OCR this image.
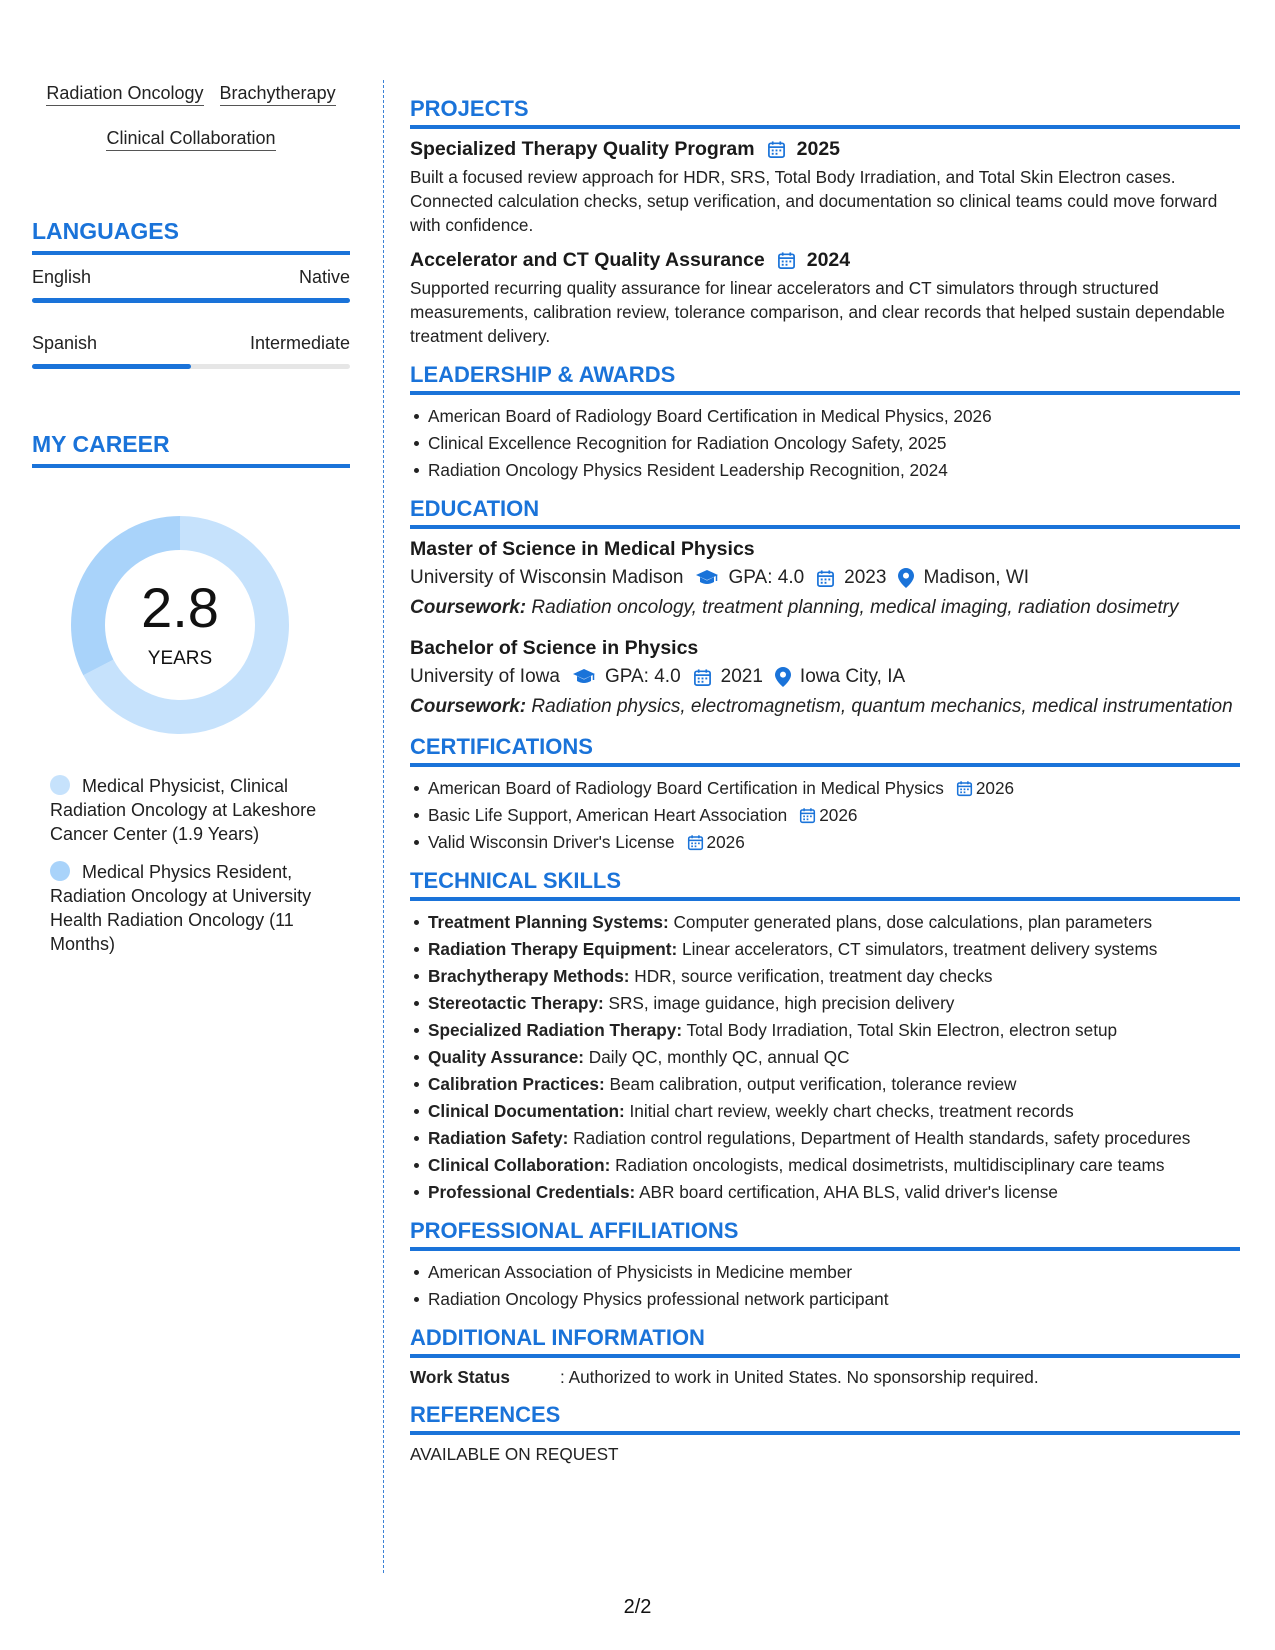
Radiation Oncology Brachytherapy
Clinical Collaboration
LANGUAGES
English	Native
Spanish	Intermediate
MY CAREER
2.8
YEARS
Medical Physicist, Clinical Radiation Oncology at Lakeshore Cancer Center (1.9 Years)
Medical Physics Resident, Radiation Oncology at University Health Radiation Oncology (11 Months)
PROJECTS
Specialized Therapy Quality Program 2025

Built a focused review approach for HDR, SRS, Total Body Irradiation, and Total Skin Electron cases. Connected calculation checks, setup verification, and documentation so clinical teams could move forward with confidence.

Accelerator and CT Quality Assurance 2024

Supported recurring quality assurance for linear accelerators and CT simulators through structured measurements, calibration review, tolerance comparison, and clear records that helped sustain dependable treatment delivery.

LEADERSHIP & AWARDS
American Board of Radiology Board Certification in Medical Physics, 2026
Clinical Excellence Recognition for Radiation Oncology Safety, 2025
Radiation Oncology Physics Resident Leadership Recognition, 2024
EDUCATION

Master of Science in Medical Physics

University of Wisconsin Madison GPA: 4.0 2023 Madison, WI

Coursework: Radiation oncology, treatment planning, medical imaging, radiation dosimetry

Bachelor of Science in Physics

University of Iowa GPA: 4.0 2021 Iowa City, IA

Coursework: Radiation physics, electromagnetism, quantum mechanics, medical instrumentation

CERTIFICATIONS
American Board of Radiology Board Certification in Medical Physics 2026
Basic Life Support, American Heart Association 2026
Valid Wisconsin Driver's License 2026
TECHNICAL SKILLS
Treatment Planning Systems: Computer generated plans, dose calculations, plan parameters
Radiation Therapy Equipment: Linear accelerators, CT simulators, treatment delivery systems
Brachytherapy Methods: HDR, source verification, treatment day checks
Stereotactic Therapy: SRS, image guidance, high precision delivery
Specialized Radiation Therapy: Total Body Irradiation, Total Skin Electron, electron setup
Quality Assurance: Daily QC, monthly QC, annual QC
Calibration Practices: Beam calibration, output verification, tolerance review
Clinical Documentation: Initial chart review, weekly chart checks, treatment records
Radiation Safety: Radiation control regulations, Department of Health standards, safety procedures
Clinical Collaboration: Radiation oncologists, medical dosimetrists, multidisciplinary care teams
Professional Credentials: ABR board certification, AHA BLS, valid driver's license
PROFESSIONAL AFFILIATIONS
American Association of Physicists in Medicine member
Radiation Oncology Physics professional network participant
ADDITIONAL INFORMATION
Work Status	: Authorized to work in United States. No sponsorship required.
REFERENCES
AVAILABLE ON REQUEST
2/2
